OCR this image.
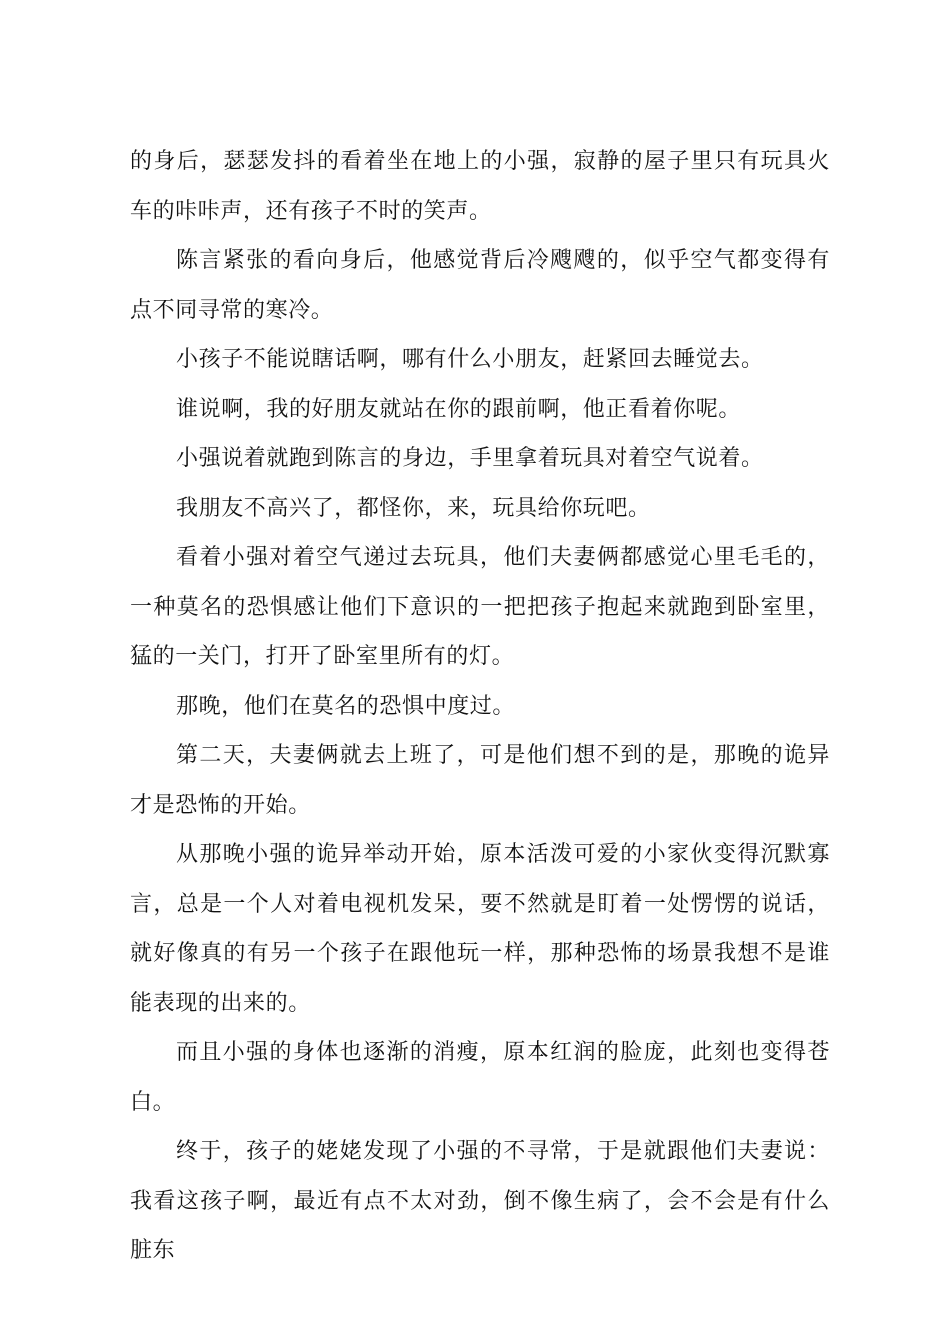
的身后，瑟瑟发抖的看着坐在地上的小强，寂静的屋子里只有玩具火车的咔咔声，还有孩子不时的笑声。

陈言紧张的看向身后，他感觉背后冷飕飕的，似乎空气都变得有点不同寻常的寒冷。

小孩子不能说瞎话啊，哪有什么小朋友，赶紧回去睡觉去。

谁说啊，我的好朋友就站在你的跟前啊，他正看着你呢。

小强说着就跑到陈言的身边，手里拿着玩具对着空气说着。

我朋友不高兴了，都怪你，来，玩具给你玩吧。

看着小强对着空气递过去玩具，他们夫妻俩都感觉心里毛毛的，一种莫名的恐惧感让他们下意识的一把把孩子抱起来就跑到卧室里，猛的一关门，打开了卧室里所有的灯。

那晚，他们在莫名的恐惧中度过。

第二天，夫妻俩就去上班了，可是他们想不到的是，那晚的诡异才是恐怖的开始。

从那晚小强的诡异举动开始，原本活泼可爱的小家伙变得沉默寡言，总是一个人对着电视机发呆，要不然就是盯着一处愣愣的说话，就好像真的有另一个孩子在跟他玩一样，那种恐怖的场景我想不是谁能表现的出来的。

而且小强的身体也逐渐的消瘦，原本红润的脸庞，此刻也变得苍白。

终于，孩子的姥姥发现了小强的不寻常，于是就跟他们夫妻说：我看这孩子啊，最近有点不太对劲，倒不像生病了，会不会是有什么脏东
